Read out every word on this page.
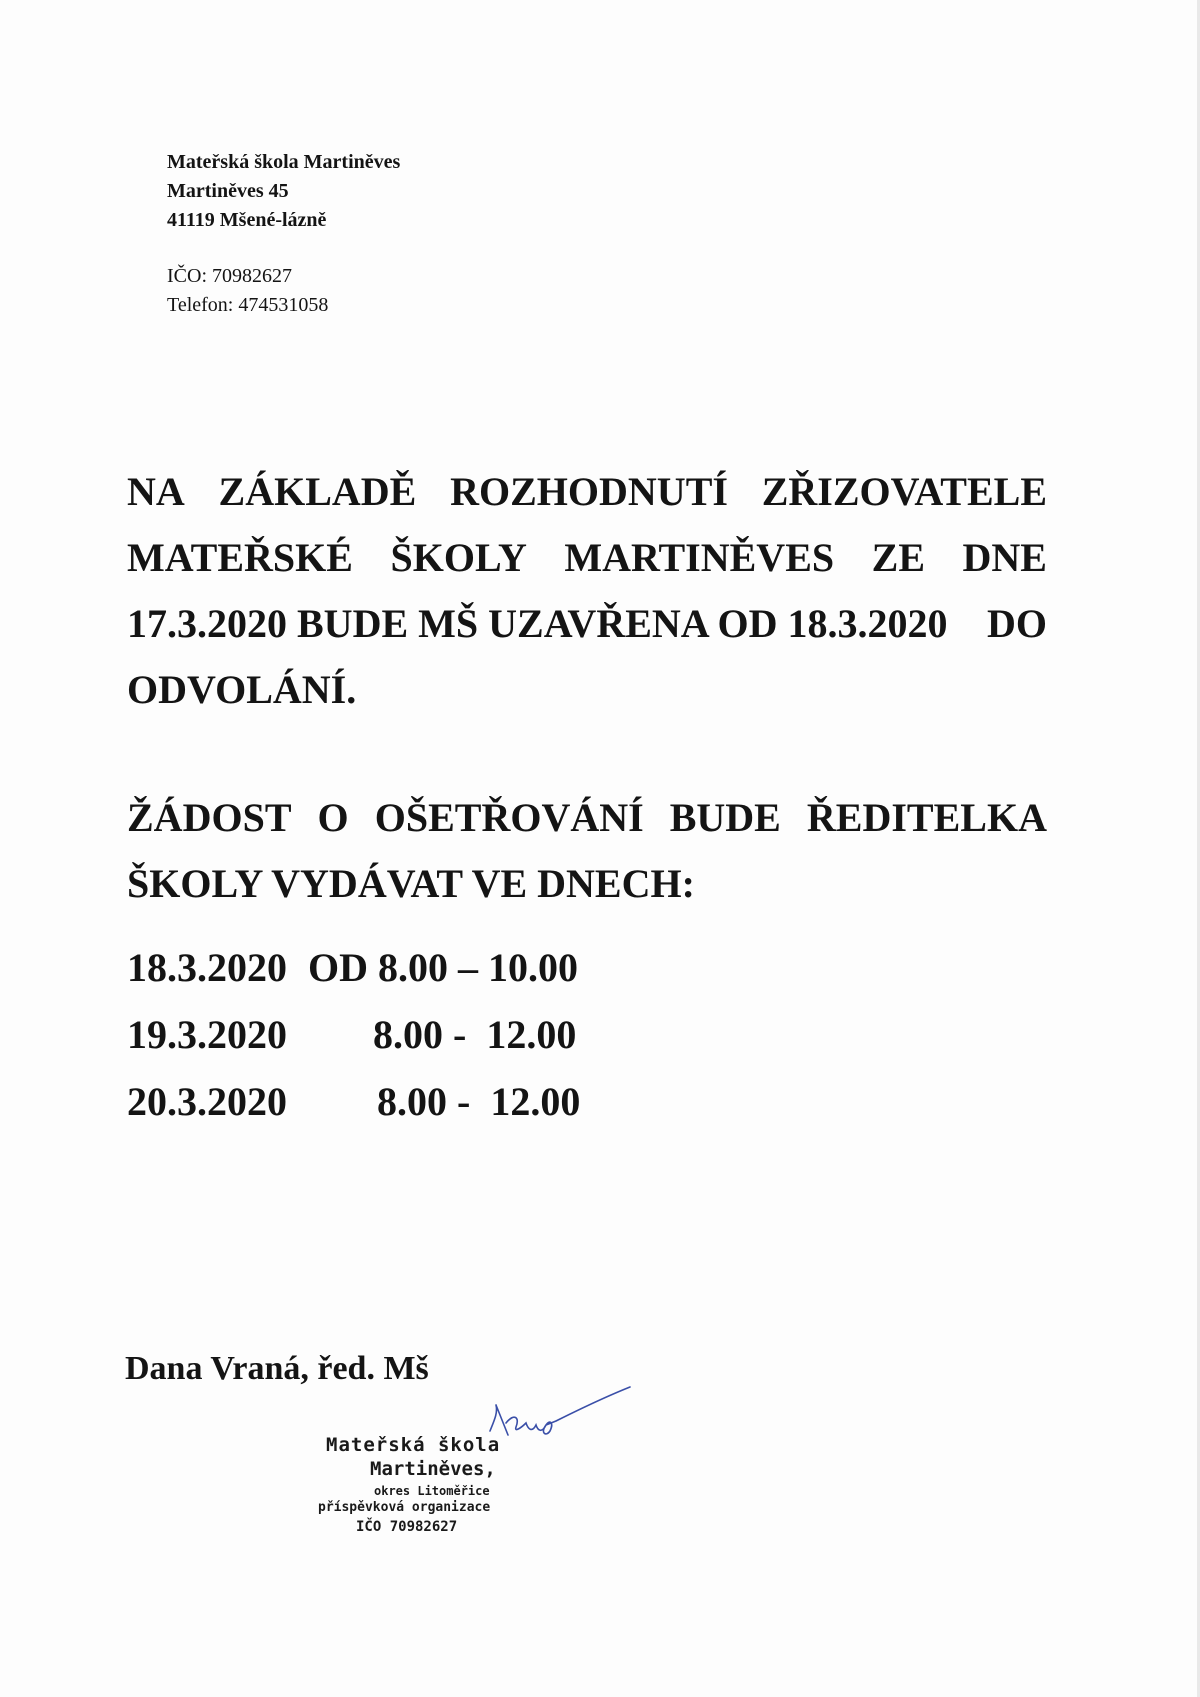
Mateřská škola Martiněves
Martiněves 45
41119 Mšené-lázně
IČO: 70982627
Telefon: 474531058
NA ZÁKLADĚ ROZHODNUTÍ ZŘIZOVATELE
MATEŘSKÉ ŠKOLY MARTINĚVES ZE DNE
17.3.2020 BUDE MŠ UZAVŘENA OD 18.3.2020 DO
ODVOLÁNÍ.
ŽÁDOST O OŠETŘOVÁNÍ BUDE ŘEDITELKA
ŠKOLY VYDÁVAT VE DNECH:
18.3.2020 OD 8.00 – 10.00
19.3.2020 8.00 -  12.00
20.3.2020 8.00 -  12.00
Dana Vraná, řed. Mš
Mateřská škola
Martiněves,
okres Litoměřice
příspěvková organizace
IČO 70982627
